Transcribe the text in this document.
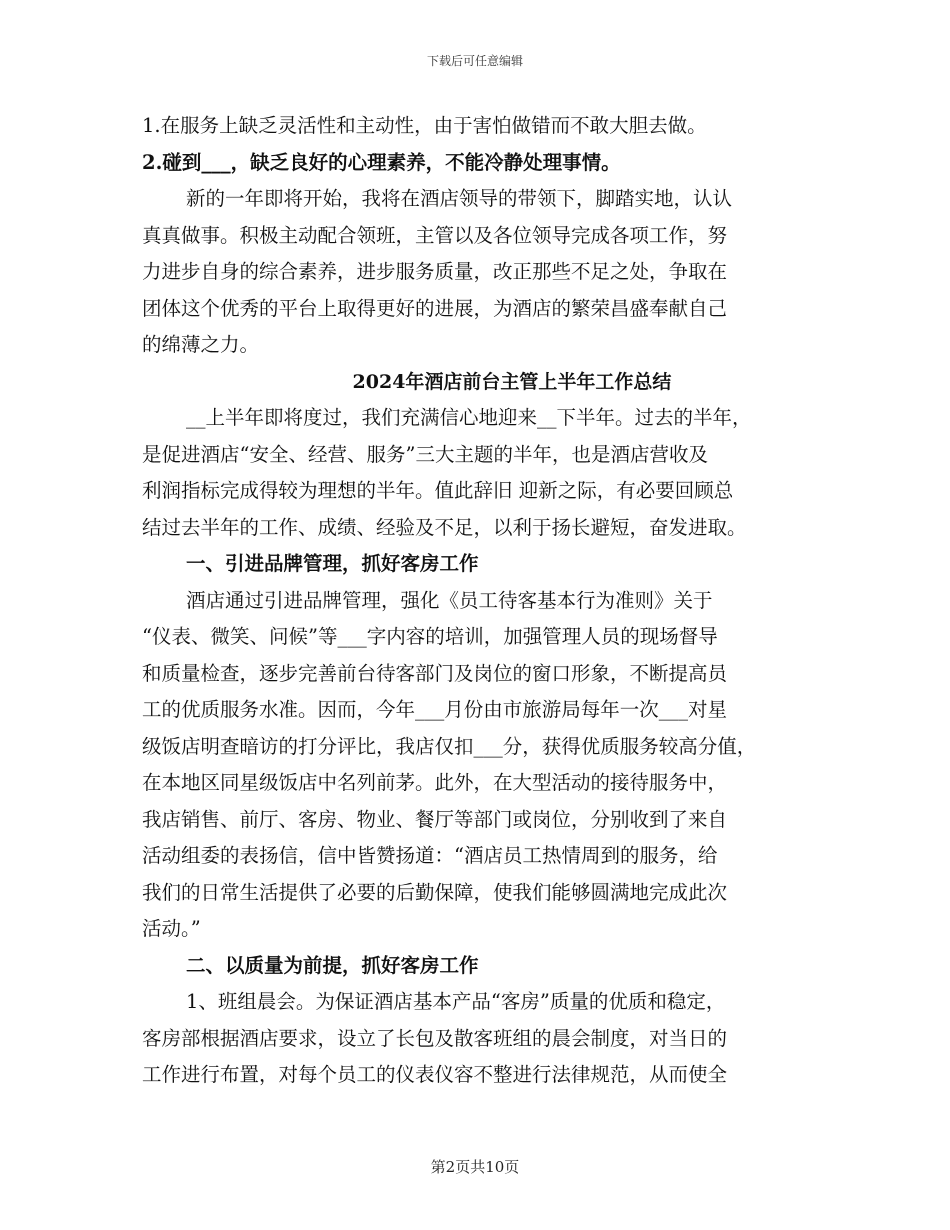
下载后可任意编辑
1.在服务上缺乏灵活性和主动性，由于害怕做错而不敢大胆去做。
2.碰到___，缺乏良好的心理素养，不能冷静处理事情。
新的一年即将开始，我将在酒店领导的带领下，脚踏实地，认认
真真做事。积极主动配合领班，主管以及各位领导完成各项工作，努
力进步自身的综合素养，进步服务质量，改正那些不足之处，争取在
团体这个优秀的平台上取得更好的进展，为酒店的繁荣昌盛奉献自己
的绵薄之力。
2024年酒店前台主管上半年工作总结
__上半年即将度过，我们充满信心地迎来__下半年。过去的半年，
是促进酒店“安全、经营、服务”三大主题的半年，也是酒店营收及
利润指标完成得较为理想的半年。值此辞旧 迎新之际，有必要回顾总
结过去半年的工作、成绩、经验及不足，以利于扬长避短，奋发进取。
一、引进品牌管理，抓好客房工作
酒店通过引进品牌管理，强化《员工待客基本行为准则》关于
“仪表、微笑、问候”等___字内容的培训，加强管理人员的现场督导
和质量检查，逐步完善前台待客部门及岗位的窗口形象，不断提高员
工的优质服务水准。因而，今年___月份由市旅游局每年一次___对星
级饭店明查暗访的打分评比，我店仅扣___分，获得优质服务较高分值，
在本地区同星级饭店中名列前茅。此外，在大型活动的接待服务中，
我店销售、前厅、客房、物业、餐厅等部门或岗位，分别收到了来自
活动组委的表扬信，信中皆赞扬道：“酒店员工热情周到的服务，给
我们的日常生活提供了必要的后勤保障，使我们能够圆满地完成此次
活动。”
二、以质量为前提，抓好客房工作
1、班组晨会。为保证酒店基本产品“客房”质量的优质和稳定，
客房部根据酒店要求，设立了长包及散客班组的晨会制度，对当日的
工作进行布置，对每个员工的仪表仪容不整进行法律规范，从而使全
第2页共10页
